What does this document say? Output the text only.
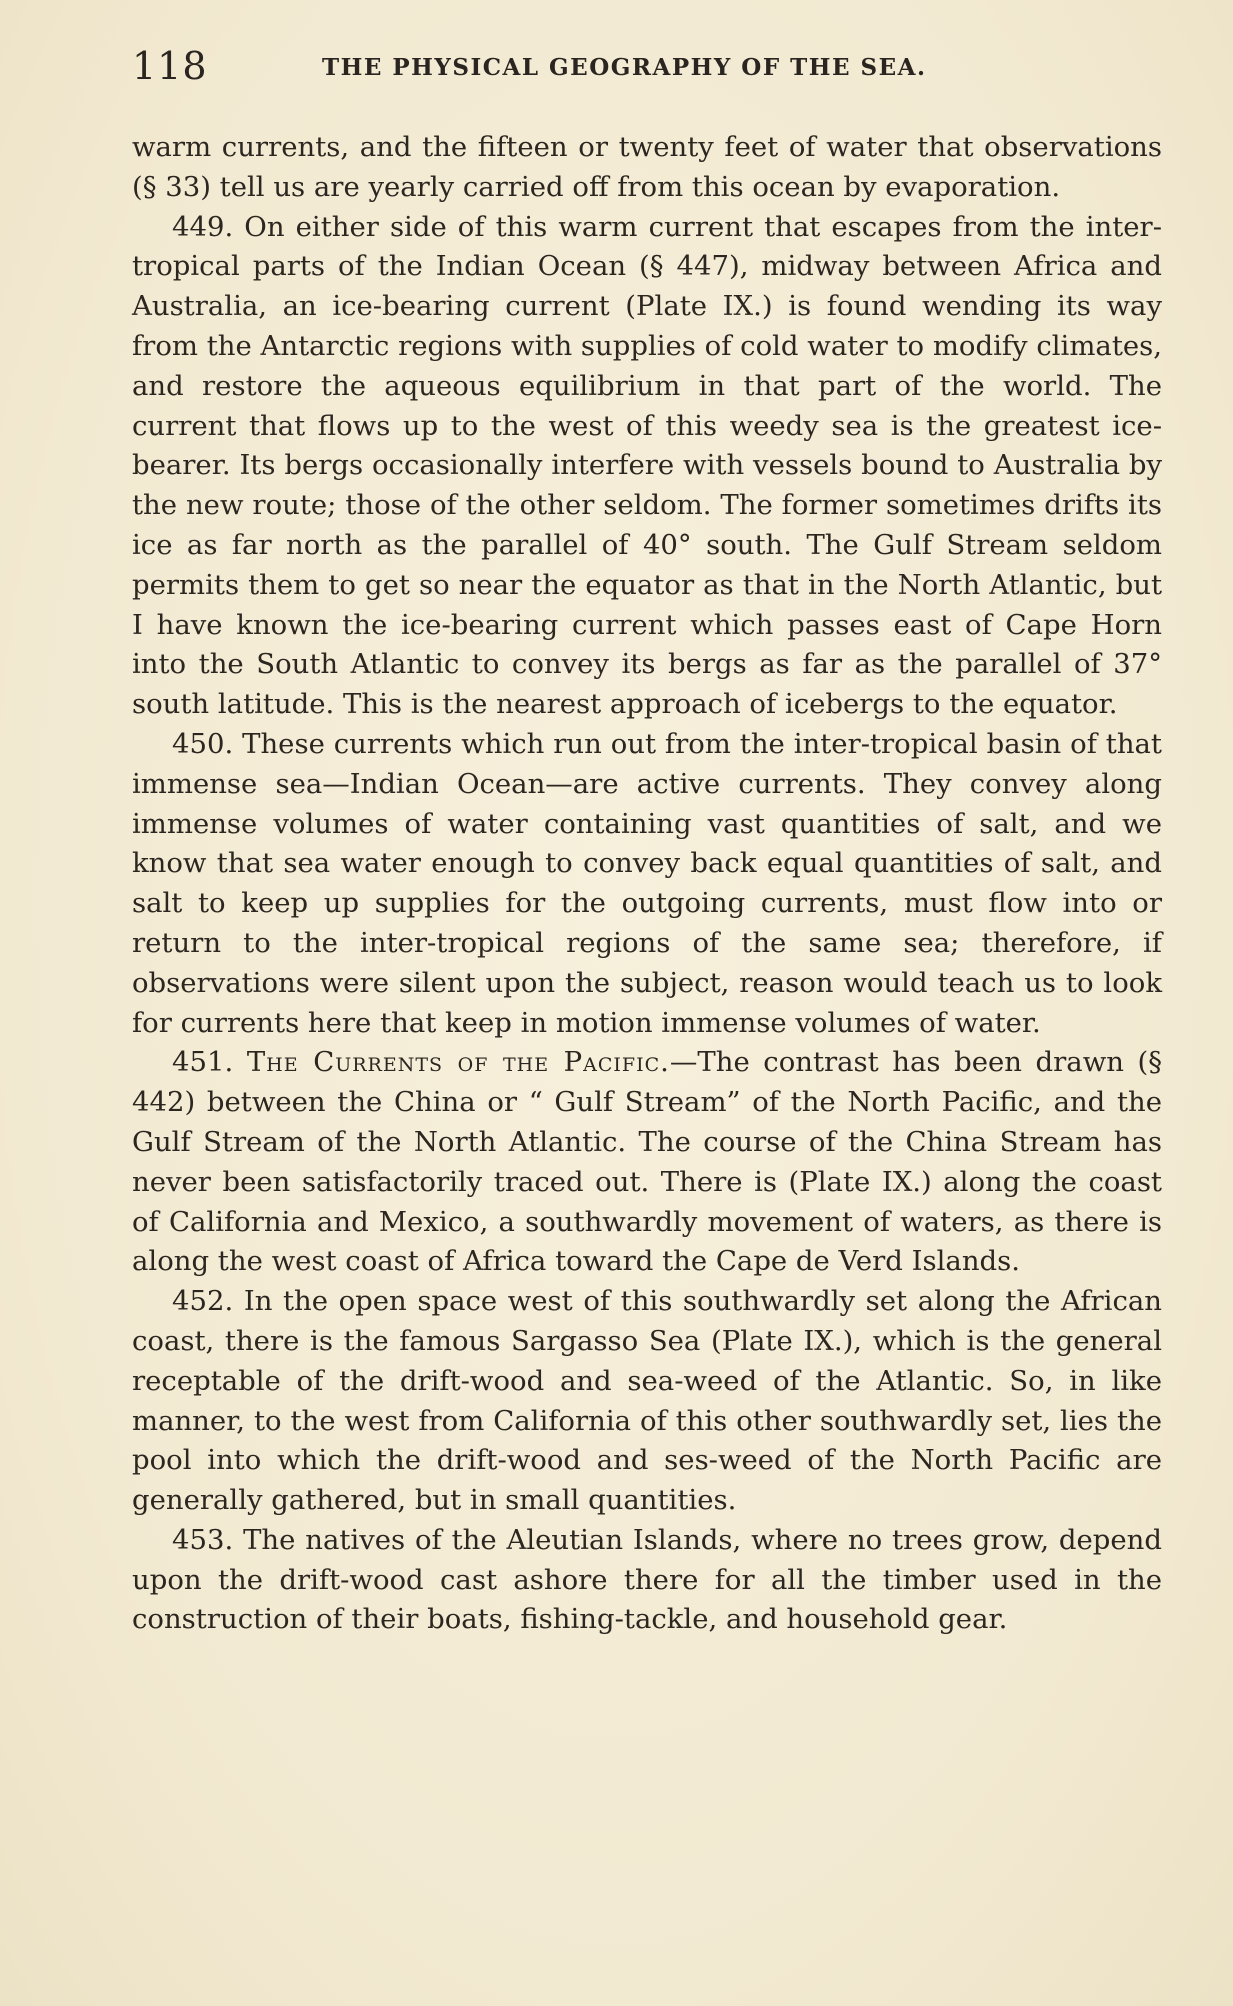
118	THE PHYSICAL GEOGRAPHY OF THE SEA.

warm currents, and the fifteen or twenty feet of water that observations (§ 33) tell us are yearly carried off from this ocean by evaporation.

449. On either side of this warm current that escapes from the inter-tropical parts of the Indian Ocean (§ 447), midway between Africa and Australia, an ice-bearing current (Plate IX.) is found wending its way from the Antarctic regions with supplies of cold water to modify climates, and restore the aqueous equilibrium in that part of the world. The current that flows up to the west of this weedy sea is the greatest ice-bearer. Its bergs occasionally interfere with vessels bound to Australia by the new route; those of the other seldom. The former sometimes drifts its ice as far north as the parallel of 40° south. The Gulf Stream seldom permits them to get so near the equator as that in the North Atlantic, but I have known the ice-bearing current which passes east of Cape Horn into the South Atlantic to convey its bergs as far as the parallel of 37° south latitude. This is the nearest approach of icebergs to the equator.

450. These currents which run out from the inter-tropical basin of that immense sea—Indian Ocean—are active currents. They convey along immense volumes of water containing vast quantities of salt, and we know that sea water enough to convey back equal quantities of salt, and salt to keep up supplies for the outgoing currents, must flow into or return to the inter-tropical regions of the same sea; therefore, if observations were silent upon the subject, reason would teach us to look for currents here that keep in motion immense volumes of water.

451. The Currents of the Pacific.—The contrast has been drawn (§ 442) between the China or “ Gulf Stream” of the North Pacific, and the Gulf Stream of the North Atlantic. The course of the China Stream has never been satisfactorily traced out. There is (Plate IX.) along the coast of California and Mexico, a southwardly movement of waters, as there is along the west coast of Africa toward the Cape de Verd Islands.

452. In the open space west of this southwardly set along the African coast, there is the famous Sargasso Sea (Plate IX.), which is the general receptable of the drift-wood and sea-weed of the Atlantic. So, in like manner, to the west from California of this other southwardly set, lies the pool into which the drift-wood and ses-weed of the North Pacific are generally gathered, but in small quantities.

453. The natives of the Aleutian Islands, where no trees grow, depend upon the drift-wood cast ashore there for all the timber used in the construction of their boats, fishing-tackle, and household gear.
